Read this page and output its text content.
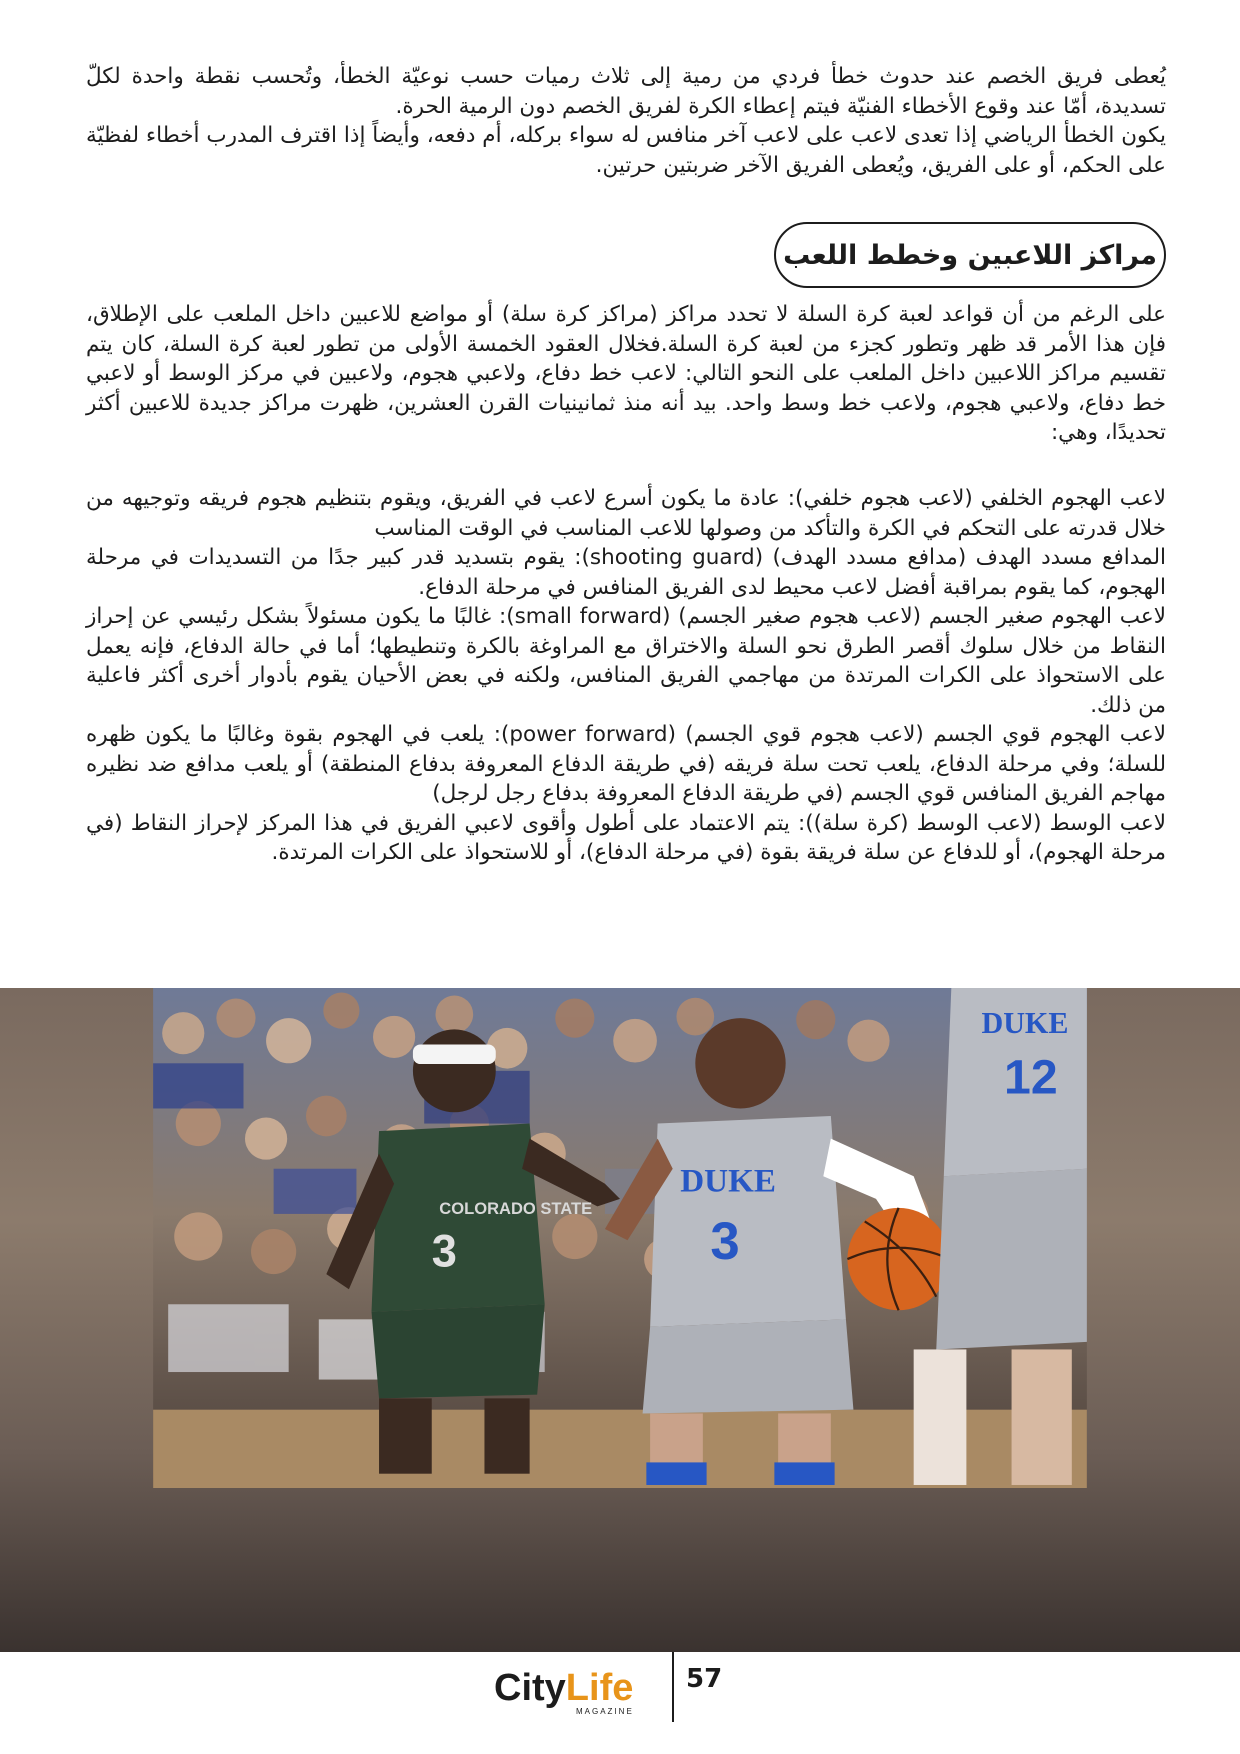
يُعطى فريق الخصم عند حدوث خطأ فردي من رمية إلى ثلاث رميات حسب نوعيّة الخطأ، وتُحسب نقطة واحدة لكلّ تسديدة، أمّا عند وقوع الأخطاء الفنيّة فيتم إعطاء الكرة لفريق الخصم دون الرمية الحرة.

يكون الخطأ الرياضي إذا تعدى لاعب على لاعب آخر منافس له سواء بركله، أم دفعه، وأيضاً إذا اقترف المدرب أخطاء لفظيّة على الحكم، أو على الفريق، ويُعطى الفريق الآخر ضربتين حرتين.

مراكز اللاعبين وخطط اللعب

على الرغم من أن قواعد لعبة كرة السلة لا تحدد مراكز (مراكز كرة سلة) أو مواضع للاعبين داخل الملعب على الإطلاق، فإن هذا الأمر قد ظهر وتطور كجزء من لعبة كرة السلة.فخلال العقود الخمسة الأولى من تطور لعبة كرة السلة، كان يتم تقسيم مراكز اللاعبين داخل الملعب على النحو التالي: لاعب خط دفاع، ولاعبي هجوم، ولاعبين في مركز الوسط أو لاعبي خط دفاع، ولاعبي هجوم، ولاعب خط وسط واحد. بيد أنه منذ ثمانينيات القرن العشرين، ظهرت مراكز جديدة للاعبين أكثر تحديدًا، وهي:

لاعب الهجوم الخلفي (لاعب هجوم خلفي): عادة ما يكون أسرع لاعب في الفريق، ويقوم بتنظيم هجوم فريقه وتوجيهه من خلال قدرته على التحكم في الكرة والتأكد من وصولها للاعب المناسب في الوقت المناسب

المدافع مسدد الهدف (مدافع مسدد الهدف) (shooting guard): يقوم بتسديد قدر كبير جدًا من التسديدات في مرحلة الهجوم، كما يقوم بمراقبة أفضل لاعب محيط لدى الفريق المنافس في مرحلة الدفاع.

لاعب الهجوم صغير الجسم (لاعب هجوم صغير الجسم) (small forward): غالبًا ما يكون مسئولاً بشكل رئيسي عن إحراز النقاط من خلال سلوك أقصر الطرق نحو السلة والاختراق مع المراوغة بالكرة وتنطيطها؛ أما في حالة الدفاع، فإنه يعمل على الاستحواذ على الكرات المرتدة من مهاجمي الفريق المنافس، ولكنه في بعض الأحيان يقوم بأدوار أخرى أكثر فاعلية من ذلك.

لاعب الهجوم قوي الجسم (لاعب هجوم قوي الجسم) (power forward): يلعب في الهجوم بقوة وغالبًا ما يكون ظهره للسلة؛ وفي مرحلة الدفاع، يلعب تحت سلة فريقه (في طريقة الدفاع المعروفة بدفاع المنطقة) أو يلعب مدافع ضد نظيره مهاجم الفريق المنافس قوي الجسم (في طريقة الدفاع المعروفة بدفاع رجل لرجل)

لاعب الوسط (لاعب الوسط (كرة سلة)): يتم الاعتماد على أطول وأقوى لاعبي الفريق في هذا المركز لإحراز النقاط (في مرحلة الهجوم)، أو للدفاع عن سلة فريقة بقوة (في مرحلة الدفاع)، أو للاستحواذ على الكرات المرتدة.

COLORADO STATE
3
DUKE
3
DUKE
12
CityLife
MAGAZINE
57
